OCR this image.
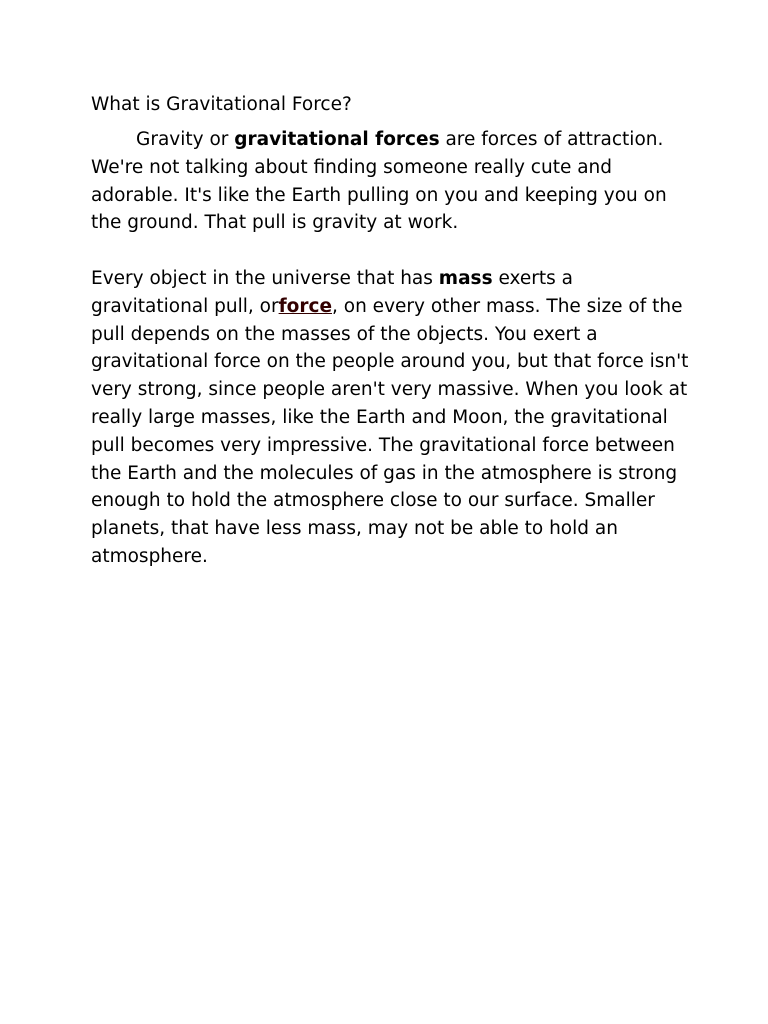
What is Gravitational Force?

Gravity or gravitational forces are forces of attraction. We're not talking about finding someone really cute and adorable. It's like the Earth pulling on you and keeping you on the ground. That pull is gravity at work.

Every object in the universe that has mass exerts a gravitational pull, orforce, on every other mass. The size of the pull depends on the masses of the objects. You exert a gravitational force on the people around you, but that force isn't very strong, since people aren't very massive. When you look at really large masses, like the Earth and Moon, the gravitational pull becomes very impressive. The gravitational force between the Earth and the molecules of gas in the atmosphere is strong enough to hold the atmosphere close to our surface. Smaller planets, that have less mass, may not be able to hold an atmosphere.
